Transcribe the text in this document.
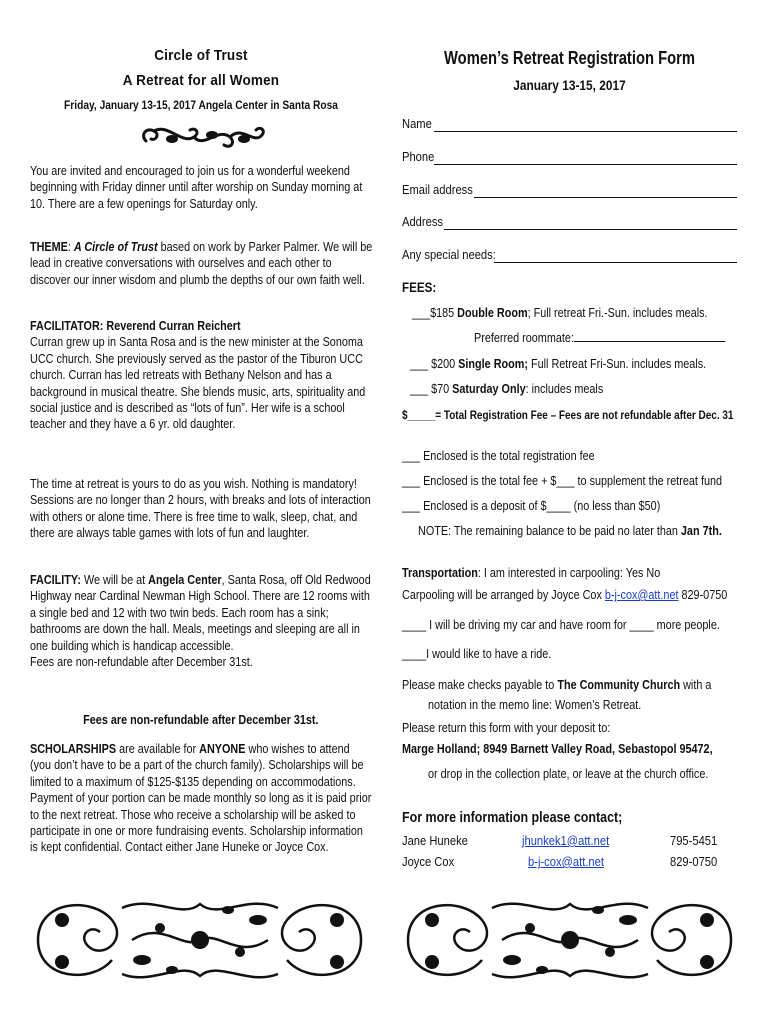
Circle of Trust
A Retreat for all Women
Friday, January 13-15, 2017 Angela Center in Santa Rosa

You are invited and encouraged to join us for a wonderful weekend beginning with Friday dinner until after worship on Sunday morning at 10. There are a few openings for Saturday only.

THEME: A Circle of Trust based on work by Parker Palmer. We will be lead in creative conversations with ourselves and each other to discover our inner wisdom and plumb the depths of our own faith well.

FACILITATOR: Reverend Curran Reichert
Curran grew up in Santa Rosa and is the new minister at the Sonoma UCC church. She previously served as the pastor of the Tiburon UCC church. Curran has led retreats with Bethany Nelson and has a background in musical theatre. She blends music, arts, spirituality and social justice and is described as “lots of fun”. Her wife is a school teacher and they have a 6 yr. old daughter.

The time at retreat is yours to do as you wish. Nothing is mandatory! Sessions are no longer than 2 hours, with breaks and lots of interaction with others or alone time. There is free time to walk, sleep, chat, and there are always table games with lots of fun and laughter.

FACILITY: We will be at Angela Center, Santa Rosa, off Old Redwood Highway near Cardinal Newman High School. There are 12 rooms with a single bed and 12 with two twin beds. Each room has a sink; bathrooms are down the hall. Meals, meetings and sleeping are all in one building which is handicap accessible.
Fees are non-refundable after December 31st.

Fees are non-refundable after December 31st.

SCHOLARSHIPS are available for ANYONE who wishes to attend (you don’t have to be a part of the church family). Scholarships will be limited to a maximum of $125-$135 depending on accommodations. Payment of your portion can be made monthly so long as it is paid prior to the next retreat. Those who receive a scholarship will be asked to participate in one or more fundraising events. Scholarship information is kept confidential. Contact either Jane Huneke or Joyce Cox.

Women’s Retreat Registration Form
January 13-15, 2017
Name
Phone
Email address
Address
Any special needs:
FEES:

___$185 Double Room; Full retreat Fri.-Sun. includes meals.

Preferred roommate:

___ $200 Single Room; Full Retreat Fri-Sun. includes meals.

___ $70 Saturday Only: includes meals

$_____= Total Registration Fee – Fees are not refundable after Dec. 31

___ Enclosed is the total registration fee

___ Enclosed is the total fee + $___ to supplement the retreat fund

___ Enclosed is a deposit of $____ (no less than $50)

NOTE: The remaining balance to be paid no later than Jan 7th.

Transportation: I am interested in carpooling: Yes No

Carpooling will be arranged by Joyce Cox b-j-cox@att.net 829-0750

____ I will be driving my car and have room for ____ more people.

____I would like to have a ride.

Please make checks payable to The Community Church with a

notation in the memo line: Women’s Retreat.

Please return this form with your deposit to:

Marge Holland; 8949 Barnett Valley Road, Sebastopol 95472,

or drop in the collection plate, or leave at the church office.

For more information please contact;
Jane Huneke	jhunkek1@att.net	795-5451
Joyce Cox	b-j-cox@att.net	829-0750
